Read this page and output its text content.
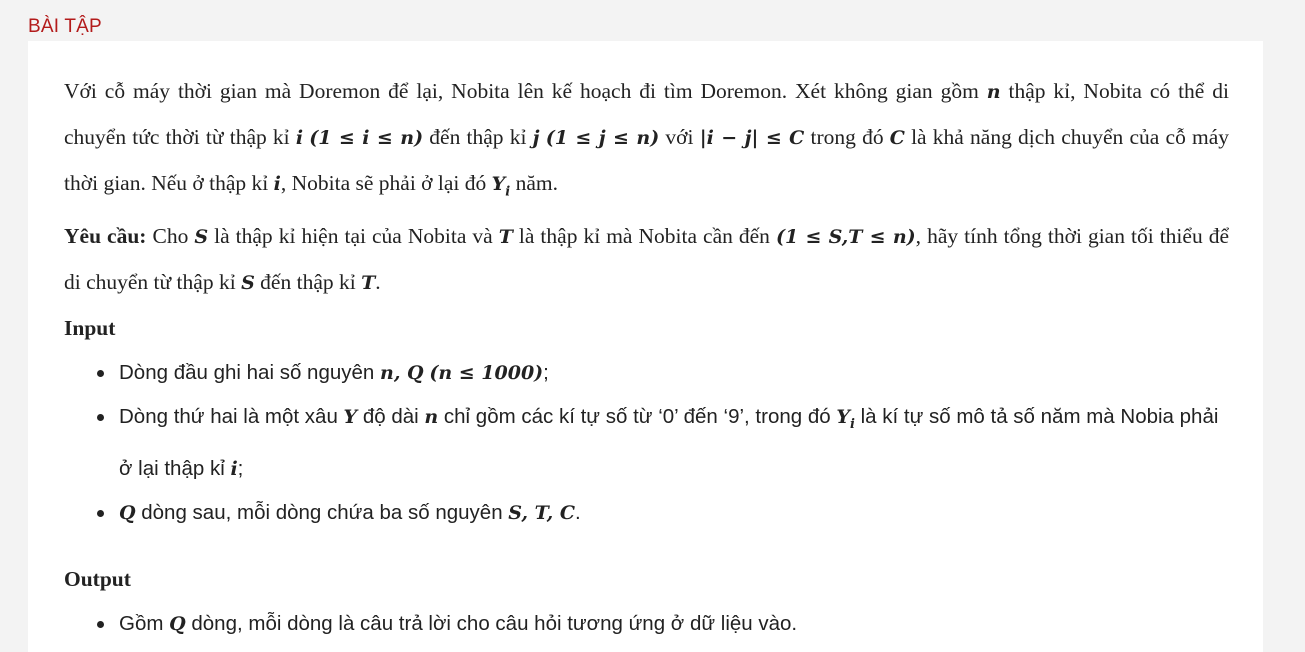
BÀI TẬP

Với cỗ máy thời gian mà Doremon để lại, Nobita lên kế hoạch đi tìm Doremon. Xét không gian gồm n thập kỉ, Nobita có thể di chuyển tức thời từ thập kỉ i (1 ≤ i ≤ n) đến thập kỉ j (1 ≤ j ≤ n) với |i − j| ≤ C trong đó C là khả năng dịch chuyển của cỗ máy thời gian. Nếu ở thập kỉ i, Nobita sẽ phải ở lại đó $Y_i$ năm.

Yêu cầu: Cho S là thập kỉ hiện tại của Nobita và T là thập kỉ mà Nobita cần đến (1 ≤ S,T ≤ n), hãy tính tổng thời gian tối thiểu để di chuyển từ thập kỉ S đến thập kỉ T.

Input

Dòng đầu ghi hai số nguyên n, Q (n ≤ 1000);
Dòng thứ hai là một xâu Y độ dài n chỉ gồm các kí tự số từ ‘0’ đến ‘9’, trong đó $Y_i$ là kí tự số mô tả số năm mà Nobia phải ở lại thập kỉ i;
Q dòng sau, mỗi dòng chứa ba số nguyên S, T, C.

Output

Gồm Q dòng, mỗi dòng là câu trả lời cho câu hỏi tương ứng ở dữ liệu vào.
